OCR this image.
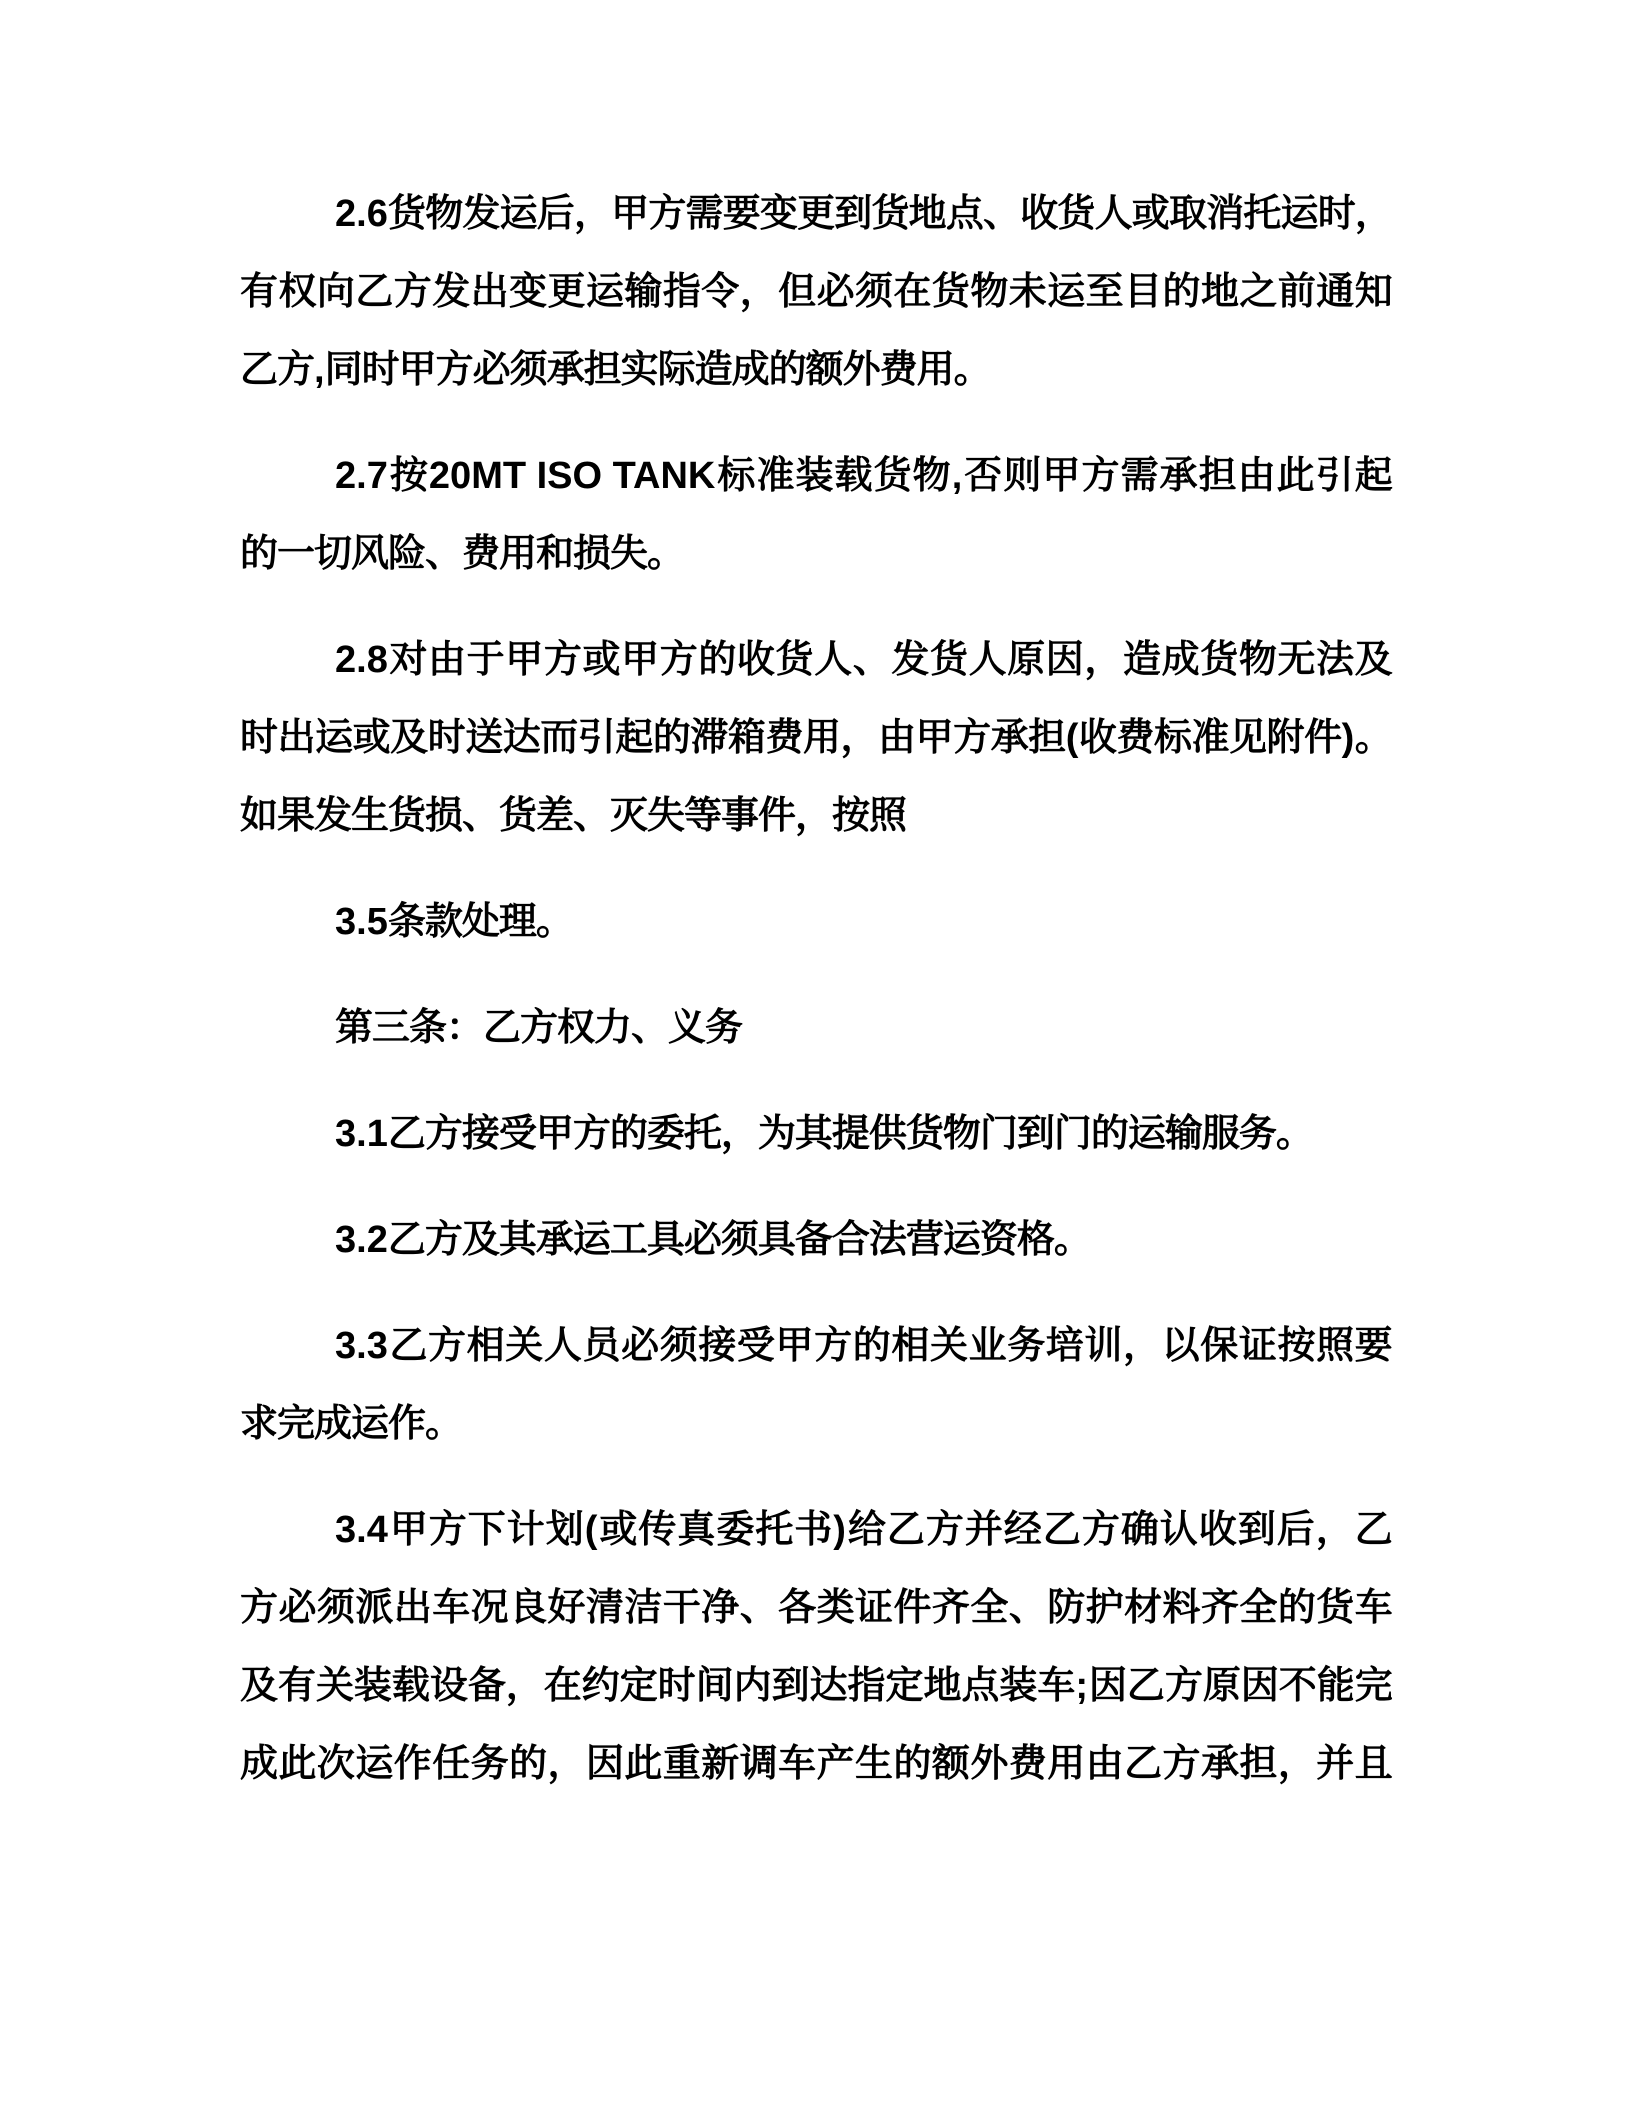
2.6 货 物 发 运 后 ， 甲 方 需 要 变 更 到 货 地 点 、 收 货 人 或 取 消 托 运 时 ，
有 权 向 乙 方 发 出 变 更 运 输 指 令 ， 但 必 须 在 货 物 未 运 至 目 的 地 之 前 通 知
乙方,同时甲方必须承担实际造成的额外费用。
2.7 按 20MT ISO TANK 标 准 装 载 货 物 , 否 则 甲 方 需 承 担 由 此 引 起
的一切风险、费用和损失。
2.8 对 由 于 甲 方 或 甲 方 的 收 货 人 、 发 货 人 原 因 ， 造 成 货 物 无 法 及
时 出 运 或 及 时 送 达 而 引 起 的 滞 箱 费 用 ， 由 甲 方 承 担 ( 收 费 标 准 见 附 件 ) 。
如果发生货损、货差、灭失等事件，按照
3.5条款处理。
第三条：乙方权力、义务
3.1乙方接受甲方的委托，为其提供货物门到门的运输服务。
3.2乙方及其承运工具必须具备合法营运资格。
3.3 乙 方 相 关 人 员 必 须 接 受 甲 方 的 相 关 业 务 培 训 ， 以 保 证 按 照 要
求完成运作。
3.4 甲 方 下 计 划 ( 或 传 真 委 托 书 ) 给 乙 方 并 经 乙 方 确 认 收 到 后 ， 乙
方 必 须 派 出 车 况 良 好 清 洁 干 净 、 各 类 证 件 齐 全 、 防 护 材 料 齐 全 的 货 车
及 有 关 装 载 设 备 ， 在 约 定 时 间 内 到 达 指 定 地 点 装 车 ; 因 乙 方 原 因 不 能 完
成 此 次 运 作 任 务 的 ， 因 此 重 新 调 车 产 生 的 额 外 费 用 由 乙 方 承 担 ， 并 且
